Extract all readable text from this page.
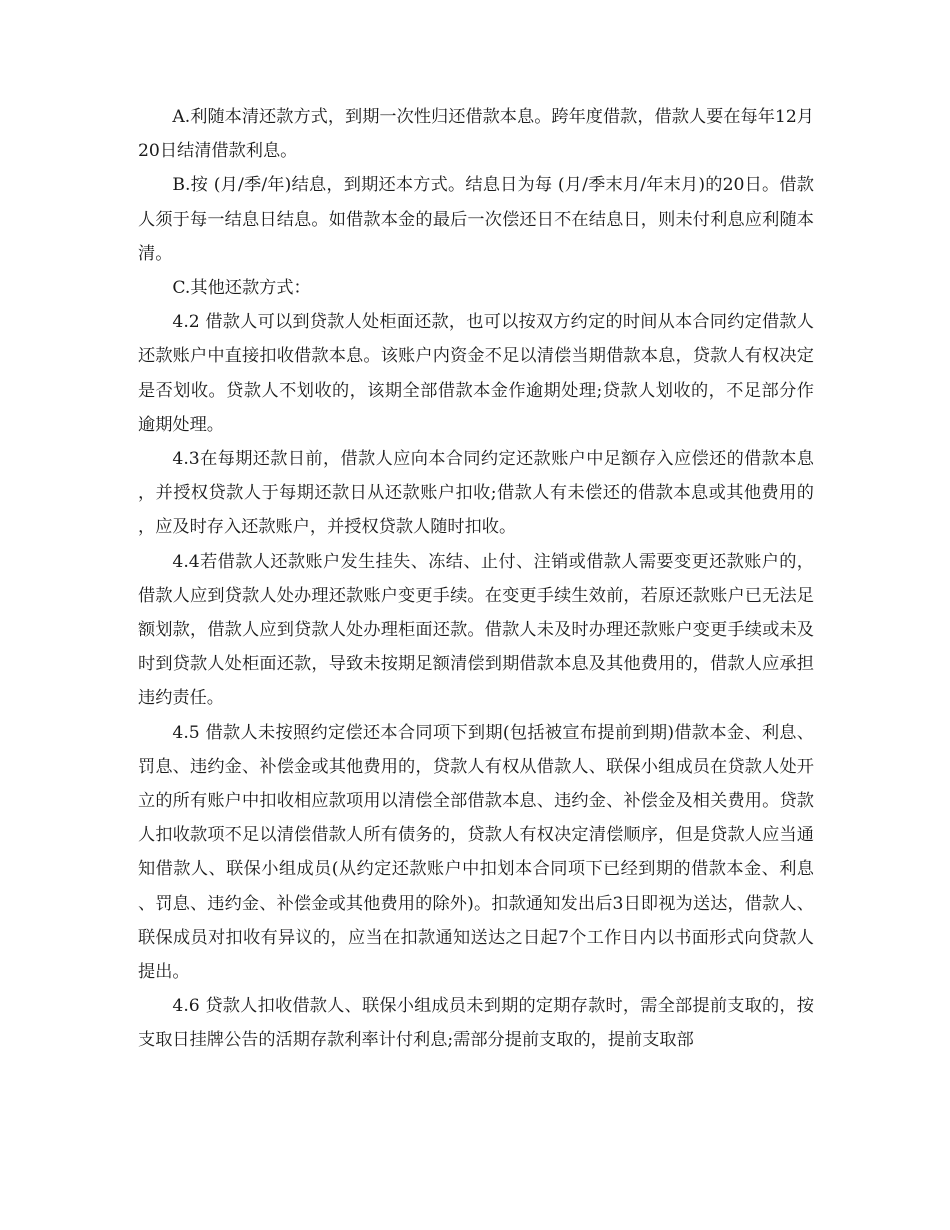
A.利随本清还款方式，到期一次性归还借款本息。跨年度借款，借款人要在每年12月20日结清借款利息。

B.按 (月/季/年)结息，到期还本方式。结息日为每 (月/季末月/年末月)的20日。借款人须于每一结息日结息。如借款本金的最后一次偿还日不在结息日，则未付利息应利随本清。

C.其他还款方式：

4.2 借款人可以到贷款人处柜面还款，也可以按双方约定的时间从本合同约定借款人还款账户中直接扣收借款本息。该账户内资金不足以清偿当期借款本息，贷款人有权决定是否划收。贷款人不划收的，该期全部借款本金作逾期处理;贷款人划收的，不足部分作逾期处理。

4.3在每期还款日前，借款人应向本合同约定还款账户中足额存入应偿还的借款本息，并授权贷款人于每期还款日从还款账户扣收;借款人有未偿还的借款本息或其他费用的，应及时存入还款账户，并授权贷款人随时扣收。

4.4若借款人还款账户发生挂失、冻结、止付、注销或借款人需要变更还款账户的，借款人应到贷款人处办理还款账户变更手续。在变更手续生效前，若原还款账户已无法足额划款，借款人应到贷款人处办理柜面还款。借款人未及时办理还款账户变更手续或未及时到贷款人处柜面还款，导致未按期足额清偿到期借款本息及其他费用的，借款人应承担违约责任。

4.5 借款人未按照约定偿还本合同项下到期(包括被宣布提前到期)借款本金、利息、罚息、违约金、补偿金或其他费用的，贷款人有权从借款人、联保小组成员在贷款人处开立的所有账户中扣收相应款项用以清偿全部借款本息、违约金、补偿金及相关费用。贷款人扣收款项不足以清偿借款人所有债务的，贷款人有权决定清偿顺序，但是贷款人应当通知借款人、联保小组成员(从约定还款账户中扣划本合同项下已经到期的借款本金、利息、罚息、违约金、补偿金或其他费用的除外)。扣款通知发出后3日即视为送达，借款人、联保成员对扣收有异议的，应当在扣款通知送达之日起7个工作日内以书面形式向贷款人提出。

4.6 贷款人扣收借款人、联保小组成员未到期的定期存款时，需全部提前支取的，按支取日挂牌公告的活期存款利率计付利息;需部分提前支取的，提前支取部
